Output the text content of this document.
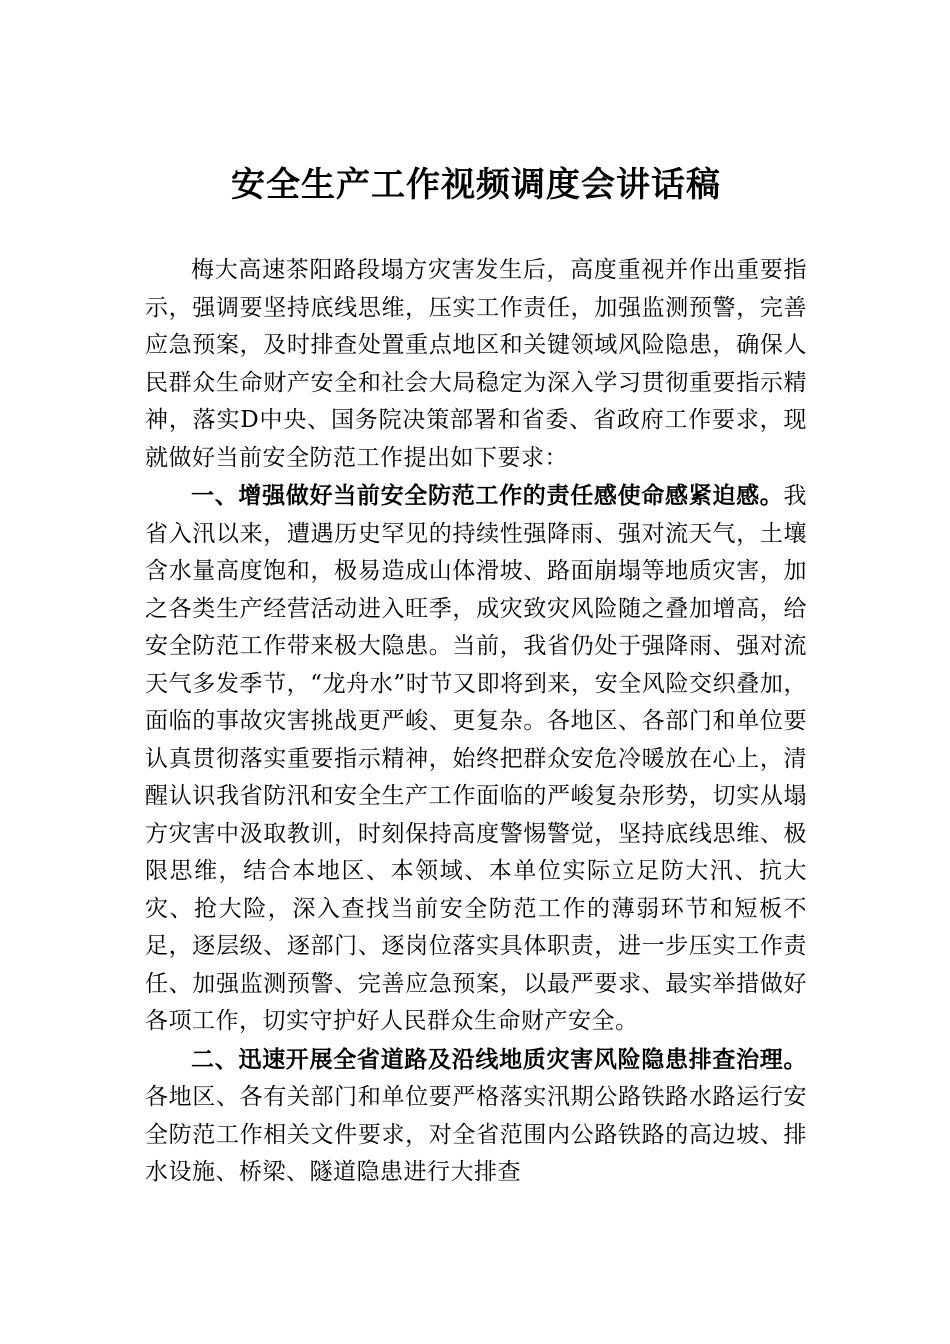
安全生产工作视频调度会讲话稿

梅大高速茶阳路段塌方灾害发生后，高度重视并作出重要指示，强调要坚持底线思维，压实工作责任，加强监测预警，完善应急预案，及时排查处置重点地区和关键领域风险隐患，确保人民群众生命财产安全和社会大局稳定为深入学习贯彻重要指示精神，落实D中央、国务院决策部署和省委、省政府工作要求，现就做好当前安全防范工作提出如下要求：

一、增强做好当前安全防范工作的责任感使命感紧迫感。我省入汛以来，遭遇历史罕见的持续性强降雨、强对流天气，土壤含水量高度饱和，极易造成山体滑坡、路面崩塌等地质灾害，加之各类生产经营活动进入旺季，成灾致灾风险随之叠加增高，给安全防范工作带来极大隐患。当前，我省仍处于强降雨、强对流天气多发季节，“龙舟水”时节又即将到来，安全风险交织叠加，面临的事故灾害挑战更严峻、更复杂。各地区、各部门和单位要认真贯彻落实重要指示精神，始终把群众安危冷暖放在心上，清醒认识我省防汛和安全生产工作面临的严峻复杂形势，切实从塌方灾害中汲取教训，时刻保持高度警惕警觉，坚持底线思维、极限思维，结合本地区、本领域、本单位实际立足防大汛、抗大灾、抢大险，深入查找当前安全防范工作的薄弱环节和短板不足，逐层级、逐部门、逐岗位落实具体职责，进一步压实工作责任、加强监测预警、完善应急预案，以最严要求、最实举措做好各项工作，切实守护好人民群众生命财产安全。

二、迅速开展全省道路及沿线地质灾害风险隐患排查治理。各地区、各有关部门和单位要严格落实汛期公路铁路水路运行安全防范工作相关文件要求，对全省范围内公路铁路的高边坡、排水设施、桥梁、隧道隐患进行大排查
